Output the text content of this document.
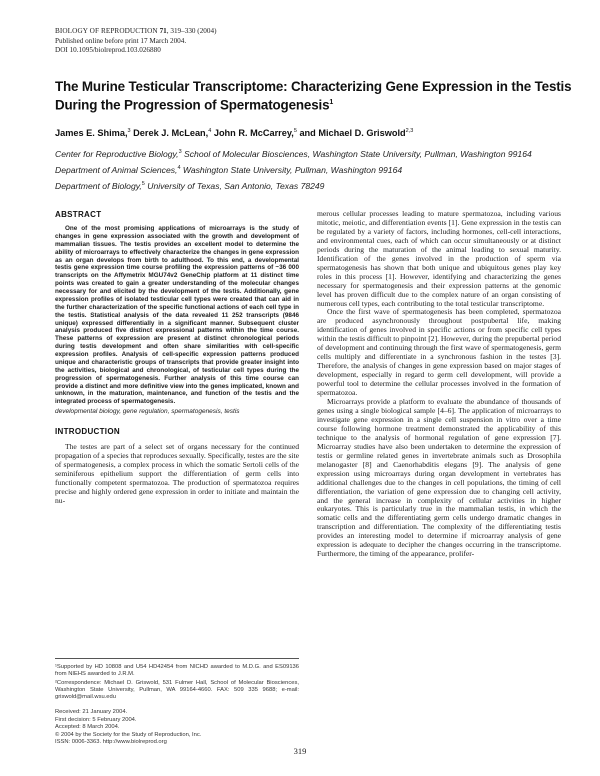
BIOLOGY OF REPRODUCTION 71, 319–330 (2004)
Published online before print 17 March 2004.
DOI 10.1095/biolreprod.103.026880
The Murine Testicular Transcriptome: Characterizing Gene Expression in the Testis
During the Progression of Spermatogenesis$^1$
James E. Shima,$^3$ Derek J. McLean,$^4$ John R. McCarrey,$^5$ and Michael D. Griswold$^{2,3}$
Center for Reproductive Biology,$^3$ School of Molecular Biosciences, Washington State University, Pullman, Washington 99164
Department of Animal Sciences,$^4$ Washington State University, Pullman, Washington 99164
Department of Biology,$^5$ University of Texas, San Antonio, Texas 78249
ABSTRACT

One of the most promising applications of microarrays is the study of changes in gene expression associated with the growth and development of mammalian tissues. The testis provides an excellent model to determine the ability of microarrays to effectively characterize the changes in gene expression as an organ develops from birth to adulthood. To this end, a developmental testis gene expression time course profiling the expression patterns of ~36 000 transcripts on the Affymetrix MGU74v2 GeneChip platform at 11 distinct time points was created to gain a greater understanding of the molecular changes necessary for and elicited by the development of the testis. Additionally, gene expression profiles of isolated testicular cell types were created that can aid in the further characterization of the specific functional actions of each cell type in the testis. Statistical analysis of the data revealed 11 252 transcripts (9846 unique) expressed differentially in a significant manner. Subsequent cluster analysis produced five distinct expressional patterns within the time course. These patterns of expression are present at distinct chronological periods during testis development and often share similarities with cell-specific expression profiles. Analysis of cell-specific expression patterns produced unique and characteristic groups of transcripts that provide greater insight into the activities, biological and chronological, of testicular cell types during the progression of spermatogenesis. Further analysis of this time course can provide a distinct and more definitive view into the genes implicated, known and unknown, in the maturation, maintenance, and function of the testis and the integrated process of spermatogenesis.

developmental biology, gene regulation, spermatogenesis, testis
INTRODUCTION

The testes are part of a select set of organs necessary for the continued propagation of a species that reproduces sexually. Specifically, testes are the site of spermatogenesis, a complex process in which the somatic Sertoli cells of the seminiferous epithelium support the differentiation of germ cells into functionally competent spermatozoa. The production of spermatozoa requires precise and highly ordered gene expression in order to initiate and maintain the nu-

¹Supported by HD 10808 and U54 HD42454 from NICHD awarded to M.D.G. and ES09136 from NIEHS awarded to J.R.M.

²Correspondence: Michael D. Griswold, 531 Fulmer Hall, School of Molecular Biosciences, Washington State University, Pullman, WA 99164-4660. FAX: 509 335 9688; e-mail: griswold@mail.wsu.edu

Received: 21 January 2004.
First decision: 5 February 2004.
Accepted: 8 March 2004.
© 2004 by the Society for the Study of Reproduction, Inc.
ISSN: 0006-3363. http://www.biolreprod.org

merous cellular processes leading to mature spermatozoa, including various mitotic, meiotic, and differentiation events [1]. Gene expression in the testis can be regulated by a variety of factors, including hormones, cell-cell interactions, and environmental cues, each of which can occur simultaneously or at distinct periods during the maturation of the animal leading to sexual maturity. Identification of the genes involved in the production of sperm via spermatogenesis has shown that both unique and ubiquitous genes play key roles in this process [1]. However, identifying and characterizing the genes necessary for spermatogenesis and their expression patterns at the genomic level has proven difficult due to the complex nature of an organ consisting of numerous cell types, each contributing to the total testicular transcriptome.

Once the first wave of spermatogenesis has been completed, spermatozoa are produced asynchronously throughout postpubertal life, making identification of genes involved in specific actions or from specific cell types within the testis difficult to pinpoint [2]. However, during the prepubertal period of development and continuing through the first wave of spermatogenesis, germ cells multiply and differentiate in a synchronous fashion in the testes [3]. Therefore, the analysis of changes in gene expression based on major stages of development, especially in regard to germ cell development, will provide a powerful tool to determine the cellular processes involved in the formation of spermatozoa.

Microarrays provide a platform to evaluate the abundance of thousands of genes using a single biological sample [4–6]. The application of microarrays to investigate gene expression in a single cell suspension in vitro over a time course following hormone treatment demonstrated the applicability of this technique to the analysis of hormonal regulation of gene expression [7]. Microarray studies have also been undertaken to determine the expression of testis or germline related genes in invertebrate animals such as Drosophila melanogaster [8] and Caenorhabditis elegans [9]. The analysis of gene expression using microarrays during organ development in vertebrates has additional challenges due to the changes in cell populations, the timing of cell differentiation, the variation of gene expression due to changing cell activity, and the general increase in complexity of cellular activities in higher eukaryotes. This is particularly true in the mammalian testis, in which the somatic cells and the differentiating germ cells undergo dramatic changes in transcription and differentiation. The complexity of the differentiating testis provides an interesting model to determine if microarray analysis of gene expression is adequate to decipher the changes occurring in the transcriptome. Furthermore, the timing of the appearance, prolifer-

319
